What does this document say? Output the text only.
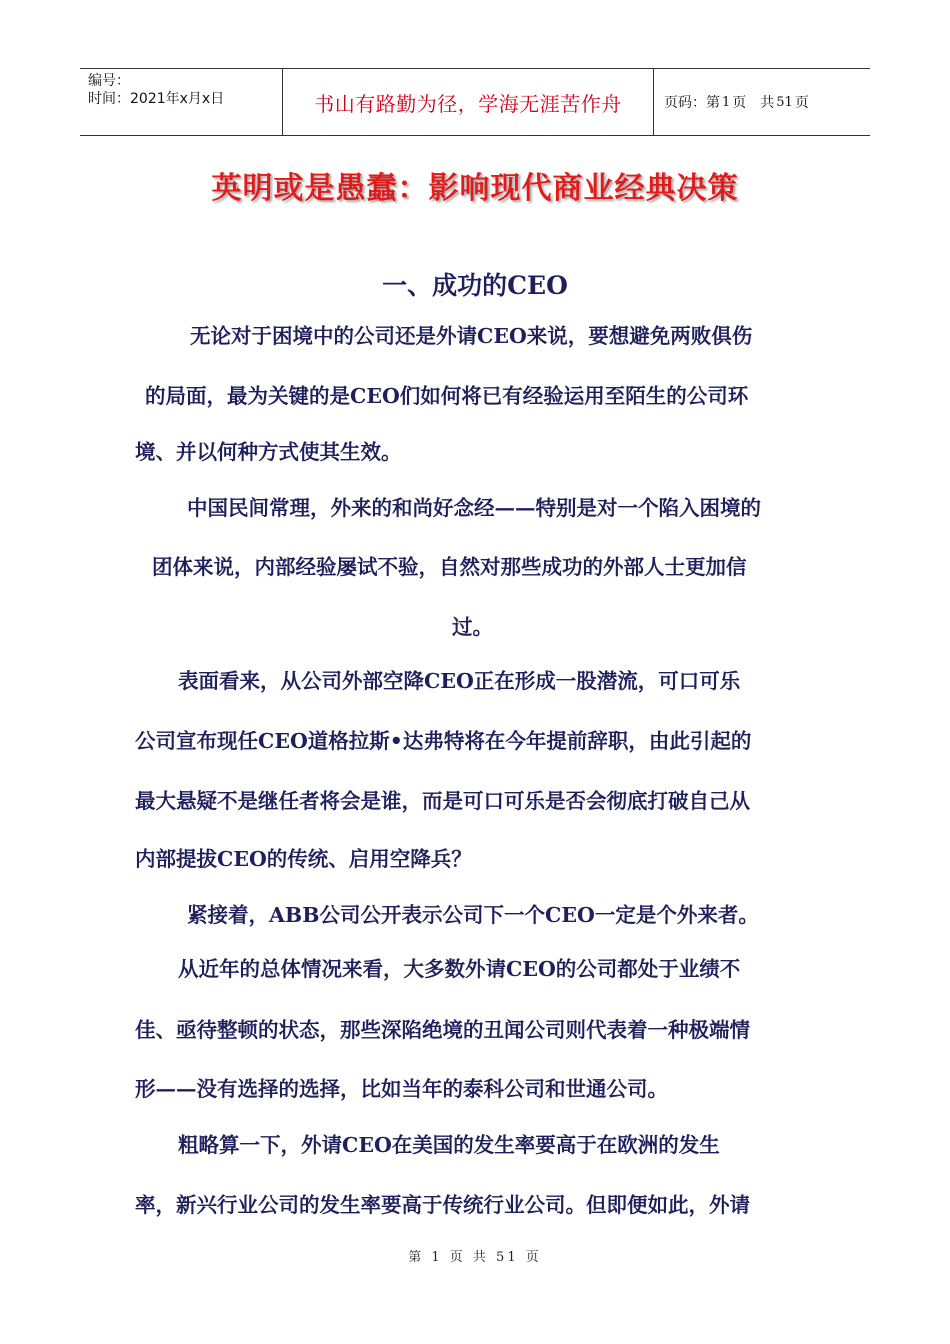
编号：
时间：2021年x月x日	书山有路勤为径，学海无涯苦作舟	页码：第 1 页　共 51 页
英明或是愚蠢：影响现代商业经典决策
一、成功的CEO

无论对于困境中的公司还是外请CEO来说，要想避免两败俱伤

的局面，最为关键的是CEO们如何将已有经验运用至陌生的公司环

境、并以何种方式使其生效。

中国民间常理，外来的和尚好念经——特别是对一个陷入困境的

团体来说，内部经验屡试不验，自然对那些成功的外部人士更加信

过。

表面看来，从公司外部空降CEO正在形成一股潜流，可口可乐

公司宣布现任CEO道格拉斯•达弗特将在今年提前辞职，由此引起的

最大悬疑不是继任者将会是谁，而是可口可乐是否会彻底打破自己从

内部提拔CEO的传统、启用空降兵？

紧接着，ABB公司公开表示公司下一个CEO一定是个外来者。

从近年的总体情况来看，大多数外请CEO的公司都处于业绩不

佳、亟待整顿的状态，那些深陷绝境的丑闻公司则代表着一种极端情

形——没有选择的选择，比如当年的泰科公司和世通公司。

粗略算一下，外请CEO在美国的发生率要高于在欧洲的发生

率，新兴行业公司的发生率要高于传统行业公司。但即便如此，外请

第 1 页 共 51 页
